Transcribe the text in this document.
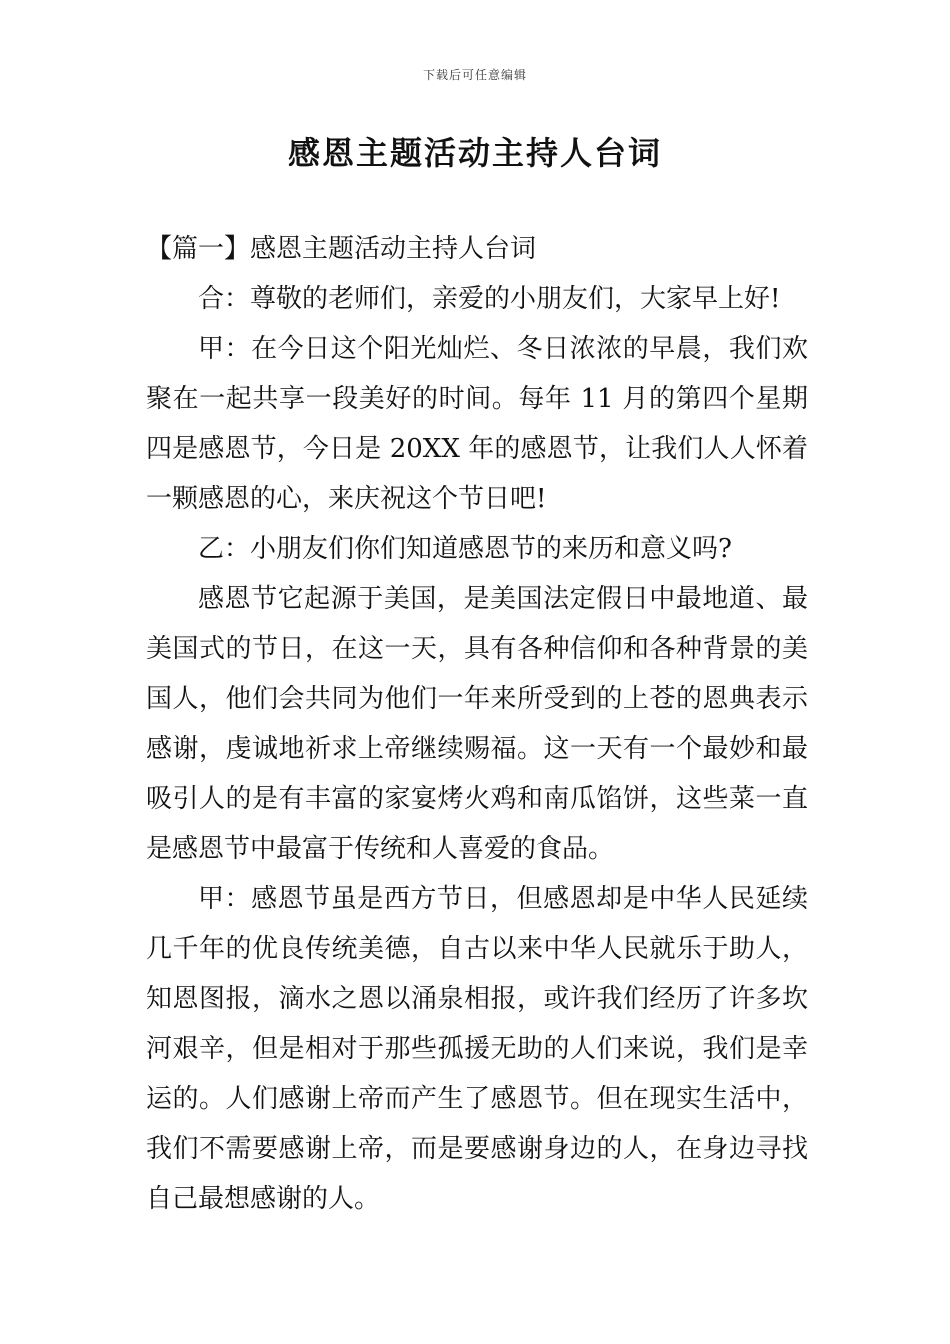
下载后可任意编辑
感恩主题活动主持人台词

【篇一】感恩主题活动主持人台词

合：尊敬的老师们，亲爱的小朋友们，大家早上好!

甲：在今日这个阳光灿烂、冬日浓浓的早晨，我们欢聚在一起共享一段美好的时间。每年 11 月的第四个星期四是感恩节，今日是 20XX 年的感恩节，让我们人人怀着一颗感恩的心，来庆祝这个节日吧!

乙：小朋友们你们知道感恩节的来历和意义吗?

感恩节它起源于美国，是美国法定假日中最地道、最美国式的节日，在这一天，具有各种信仰和各种背景的美国人，他们会共同为他们一年来所受到的上苍的恩典表示感谢，虔诚地祈求上帝继续赐福。这一天有一个最妙和最吸引人的是有丰富的家宴烤火鸡和南瓜馅饼，这些菜一直是感恩节中最富于传统和人喜爱的食品。

甲：感恩节虽是西方节日，但感恩却是中华人民延续几千年的优良传统美德，自古以来中华人民就乐于助人，知恩图报，滴水之恩以涌泉相报，或许我们经历了许多坎河艰辛，但是相对于那些孤援无助的人们来说，我们是幸运的。人们感谢上帝而产生了感恩节。但在现实生活中，我们不需要感谢上帝，而是要感谢身边的人，在身边寻找自己最想感谢的人。
